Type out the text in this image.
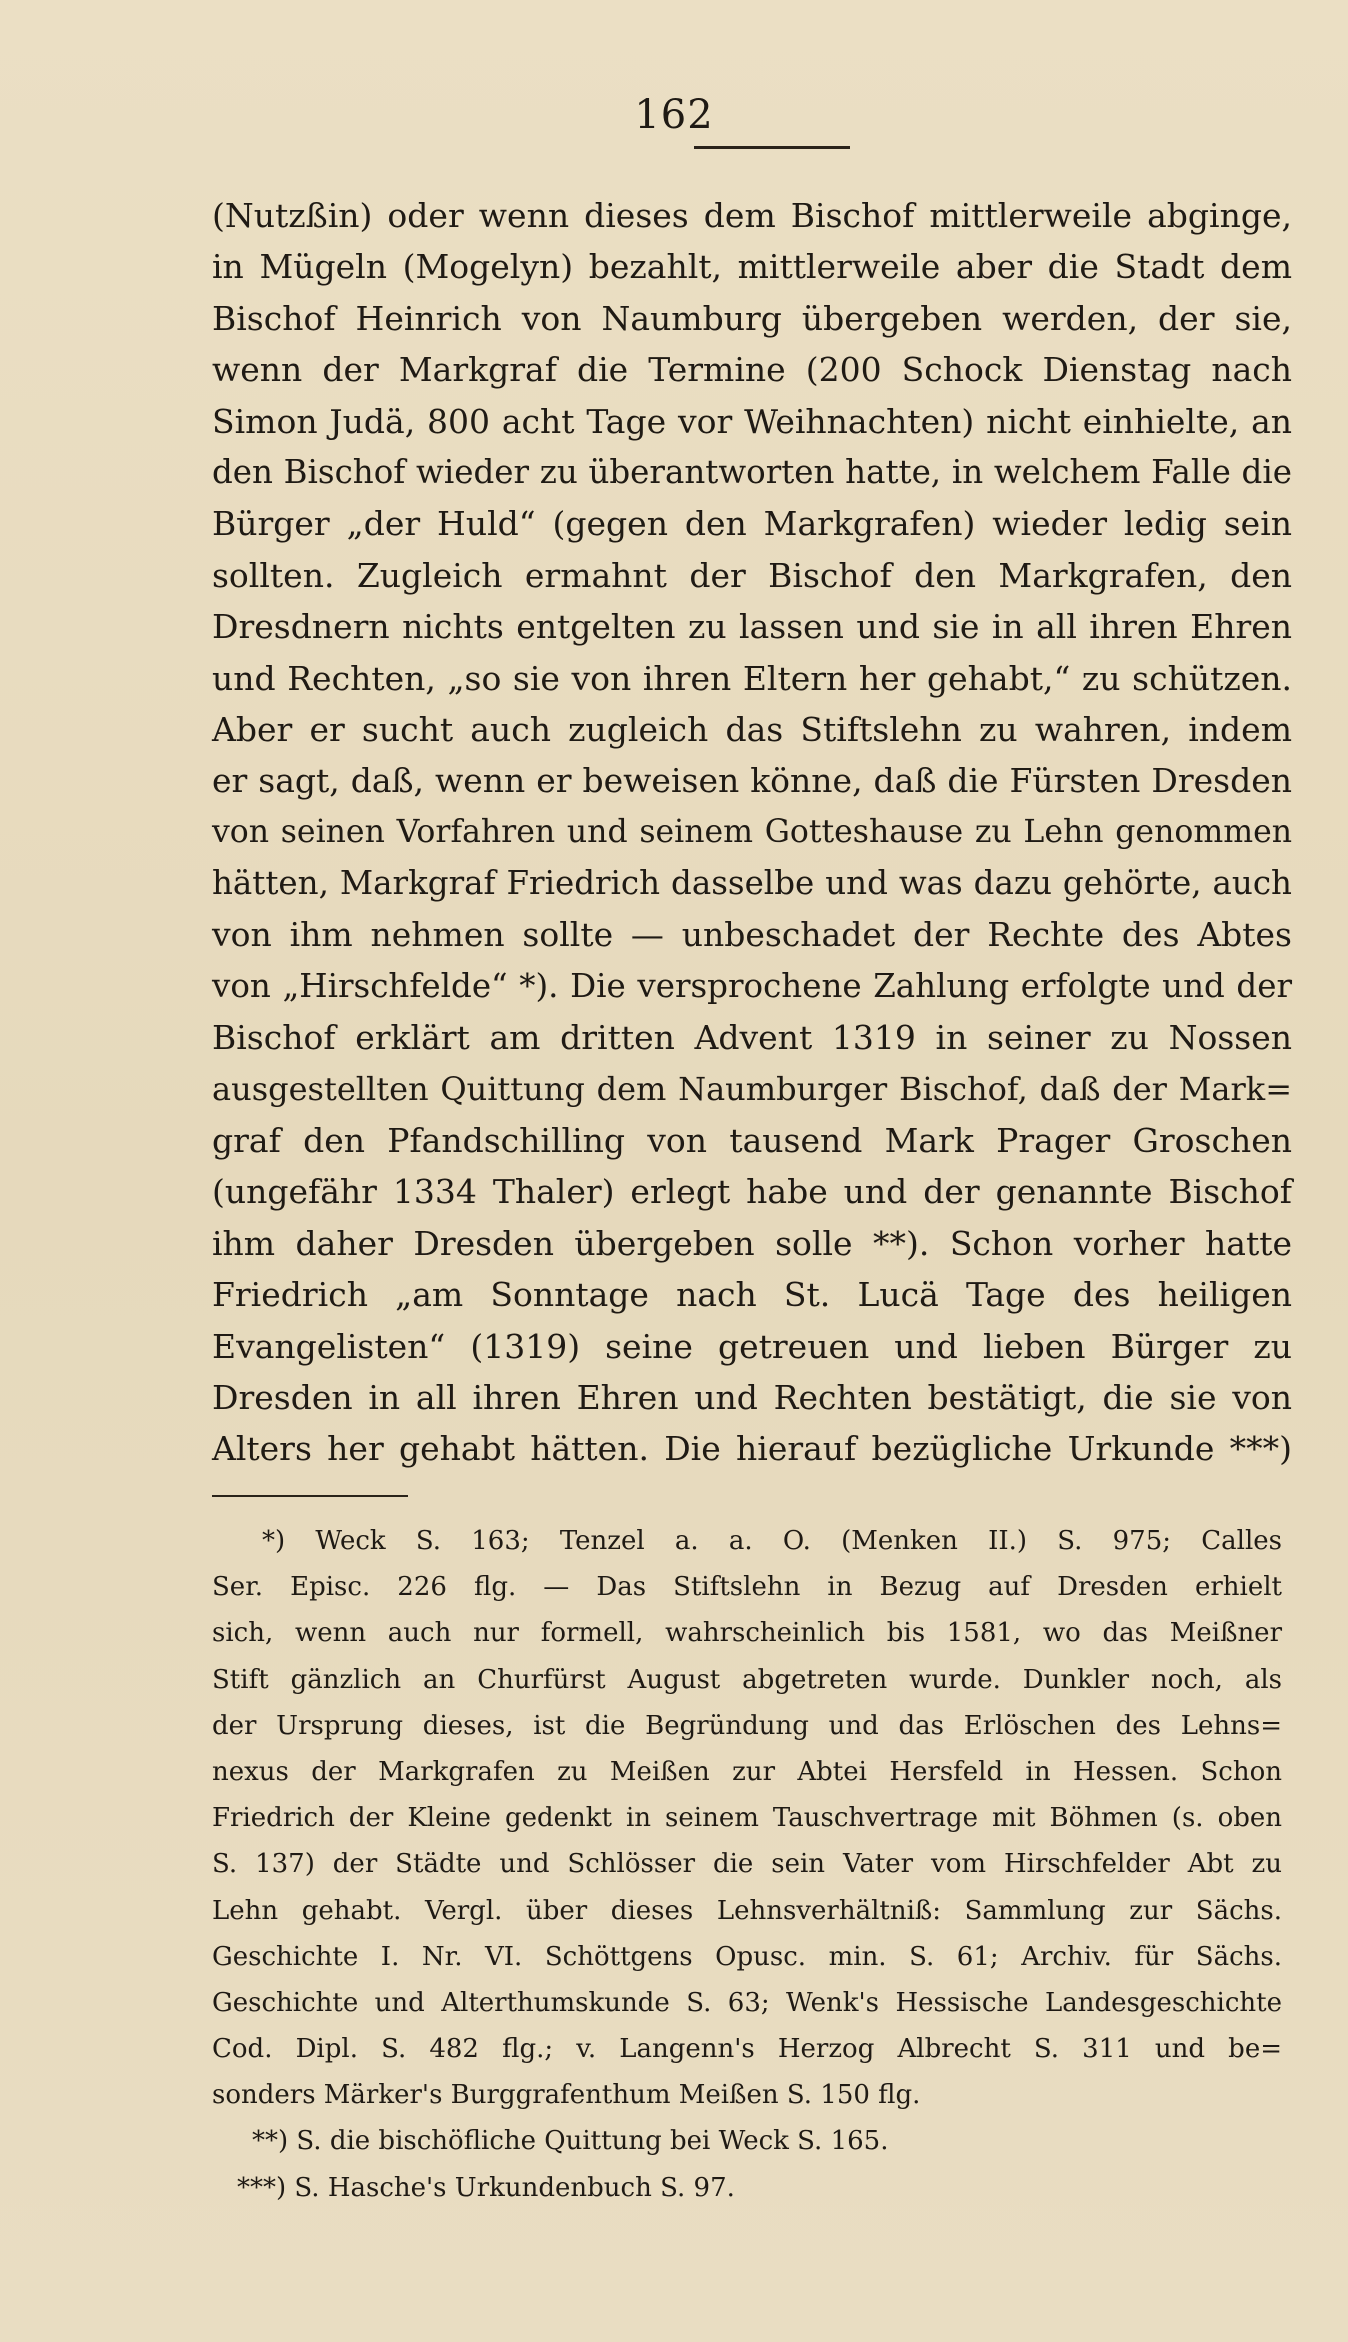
162
(Nutzßin) oder wenn dieses dem Bischof mittlerweile abginge,
in Mügeln (Mogelyn) bezahlt, mittlerweile aber die Stadt dem
Bischof Heinrich von Naumburg übergeben werden, der sie,
wenn der Markgraf die Termine (200 Schock Dienstag nach
Simon Judä, 800 acht Tage vor Weihnachten) nicht einhielte, an
den Bischof wieder zu überantworten hatte, in welchem Falle die
Bürger „der Huld“ (gegen den Markgrafen) wieder ledig sein
sollten. Zugleich ermahnt der Bischof den Markgrafen, den
Dresdnern nichts entgelten zu lassen und sie in all ihren Ehren
und Rechten, „so sie von ihren Eltern her gehabt,“ zu schützen.
Aber er sucht auch zugleich das Stiftslehn zu wahren, indem
er sagt, daß, wenn er beweisen könne, daß die Fürsten Dresden
von seinen Vorfahren und seinem Gotteshause zu Lehn genommen
hätten, Markgraf Friedrich dasselbe und was dazu gehörte, auch
von ihm nehmen sollte — unbeschadet der Rechte des Abtes
von „Hirschfelde“ *). Die versprochene Zahlung erfolgte und der
Bischof erklärt am dritten Advent 1319 in seiner zu Nossen
ausgestellten Quittung dem Naumburger Bischof, daß der Mark=
graf den Pfandschilling von tausend Mark Prager Groschen
(ungefähr 1334 Thaler) erlegt habe und der genannte Bischof
ihm daher Dresden übergeben solle **). Schon vorher hatte
Friedrich „am Sonntage nach St. Lucä Tage des heiligen
Evangelisten“ (1319) seine getreuen und lieben Bürger zu
Dresden in all ihren Ehren und Rechten bestätigt, die sie von
Alters her gehabt hätten. Die hierauf bezügliche Urkunde ***)
*) Weck S. 163; Tenzel a. a. O. (Menken II.) S. 975; Calles
Ser. Episc. 226 flg. — Das Stiftslehn in Bezug auf Dresden erhielt
sich, wenn auch nur formell, wahrscheinlich bis 1581, wo das Meißner
Stift gänzlich an Churfürst August abgetreten wurde. Dunkler noch, als
der Ursprung dieses, ist die Begründung und das Erlöschen des Lehns=
nexus der Markgrafen zu Meißen zur Abtei Hersfeld in Hessen. Schon
Friedrich der Kleine gedenkt in seinem Tauschvertrage mit Böhmen (s. oben
S. 137) der Städte und Schlösser die sein Vater vom Hirschfelder Abt zu
Lehn gehabt. Vergl. über dieses Lehnsverhältniß: Sammlung zur Sächs.
Geschichte I. Nr. VI. Schöttgens Opusc. min. S. 61; Archiv. für Sächs.
Geschichte und Alterthumskunde S. 63; Wenk's Hessische Landesgeschichte
Cod. Dipl. S. 482 flg.; v. Langenn's Herzog Albrecht S. 311 und be=
sonders Märker's Burggrafenthum Meißen S. 150 flg.
**) S. die bischöfliche Quittung bei Weck S. 165.
***) S. Hasche's Urkundenbuch S. 97.
